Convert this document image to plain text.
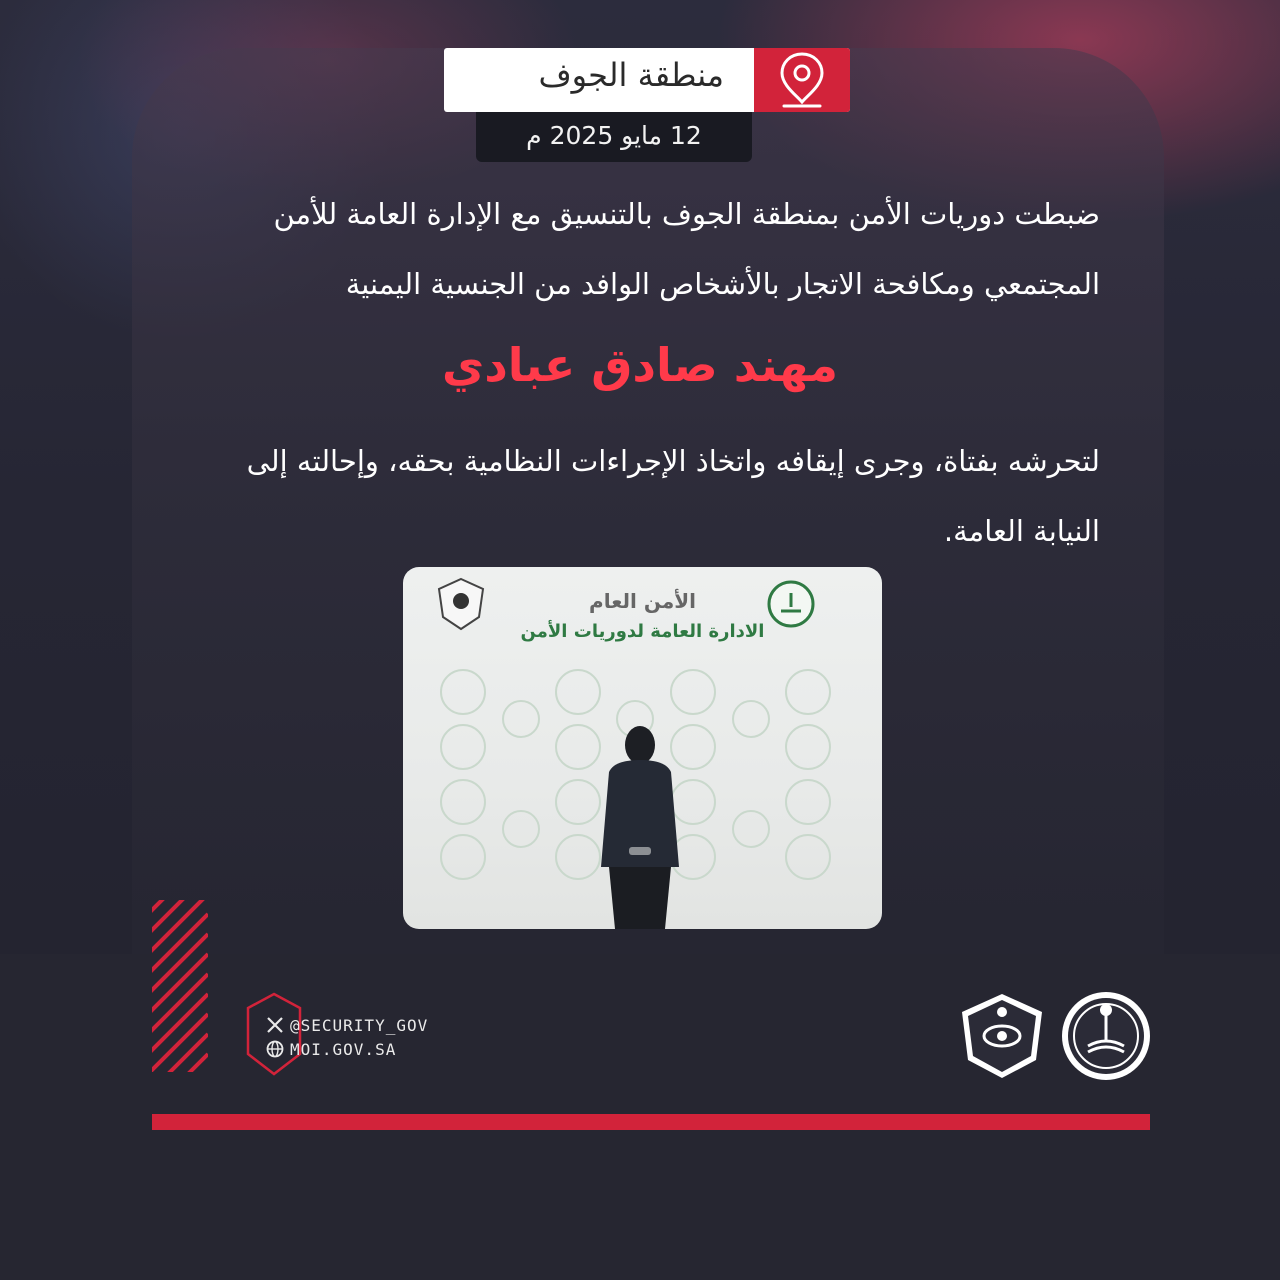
منطقة الجوف
12 مايو 2025 م
ضبطت دوريات الأمن بمنطقة الجوف بالتنسيق مع الإدارة العامة للأمن المجتمعي ومكافحة الاتجار بالأشخاص الوافد من الجنسية اليمنية
مهند صادق عبادي
لتحرشه بفتاة، وجرى إيقافه واتخاذ الإجراءات النظامية بحقه، وإحالته إلى النيابة العامة.
الأمن العام
الادارة العامة لدوريات الأمن
@SECURITY_GOV
MOI.GOV.SA
